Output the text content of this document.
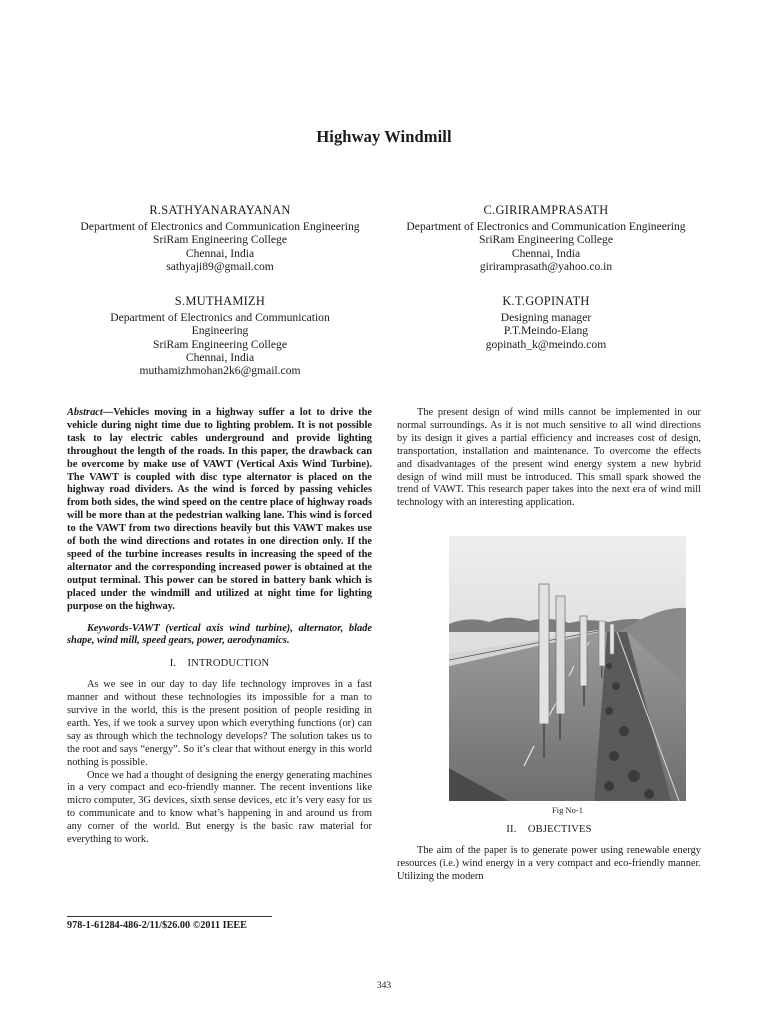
Highway Windmill
R.SATHYANARAYANAN
Department of Electronics and Communication Engineering
SriRam Engineering College
Chennai, India
sathyaji89@gmail.com
C.GIRIRAMPRASATH
Department of Electronics and Communication Engineering
SriRam Engineering College
Chennai, India
giriramprasath@yahoo.co.in
S.MUTHAMIZH
Department of Electronics and Communication
Engineering
SriRam Engineering College
Chennai, India
muthamizhmohan2k6@gmail.com
K.T.GOPINATH
Designing manager
P.T.Meindo-Elang
gopinath_k@meindo.com

Abstract—Vehicles moving in a highway suffer a lot to drive the vehicle during night time due to lighting problem. It is not possible task to lay electric cables underground and provide lighting throughout the length of the roads. In this paper, the drawback can be overcome by make use of VAWT (Vertical Axis Wind Turbine). The VAWT is coupled with disc type alternator is placed on the highway road dividers. As the wind is forced by passing vehicles from both sides, the wind speed on the centre place of highway roads will be more than at the pedestrian walking lane. This wind is forced to the VAWT from two directions heavily but this VAWT makes use of both the wind directions and rotates in one direction only. If the speed of the turbine increases results in increasing the speed of the alternator and the corresponding increased power is obtained at the output terminal. This power can be stored in battery bank which is placed under the windmill and utilized at night time for lighting purpose on the highway.

Keywords-VAWT (vertical axis wind turbine), alternator, blade shape, wind mill, speed gears, power, aerodynamics.

I. INTRODUCTION

As we see in our day to day life technology improves in a fast manner and without these technologies its impossible for a man to survive in the world, this is the present position of people residing in earth. Yes, if we took a survey upon which everything functions (or) can say as through which the technology develops? The solution takes us to the root and says “energy”. So it’s clear that without energy in this world nothing is possible.

Once we had a thought of designing the energy generating machines in a very compact and eco-friendly manner. The recent inventions like micro computer, 3G devices, sixth sense devices, etc it’s very easy for us to communicate and to know what’s happening in and around us from any corner of the world. But energy is the basic raw material for everything to work.

The present design of wind mills cannot be implemented in our normal surroundings. As it is not much sensitive to all wind directions by its design it gives a partial efficiency and increases cost of design, transportation, installation and maintenance. To overcome the effects and disadvantages of the present wind energy system a new hybrid design of wind mill must be introduced. This small spark showed the trend of VAWT. This research paper takes into the next era of wind mill technology with an interesting application.

Fig No-1
II. OBJECTIVES

The aim of the paper is to generate power using renewable energy resources (i.e.) wind energy in a very compact and eco-friendly manner. Utilizing the modern

978-1-61284-486-2/11/$26.00 ©2011 IEEE
343
